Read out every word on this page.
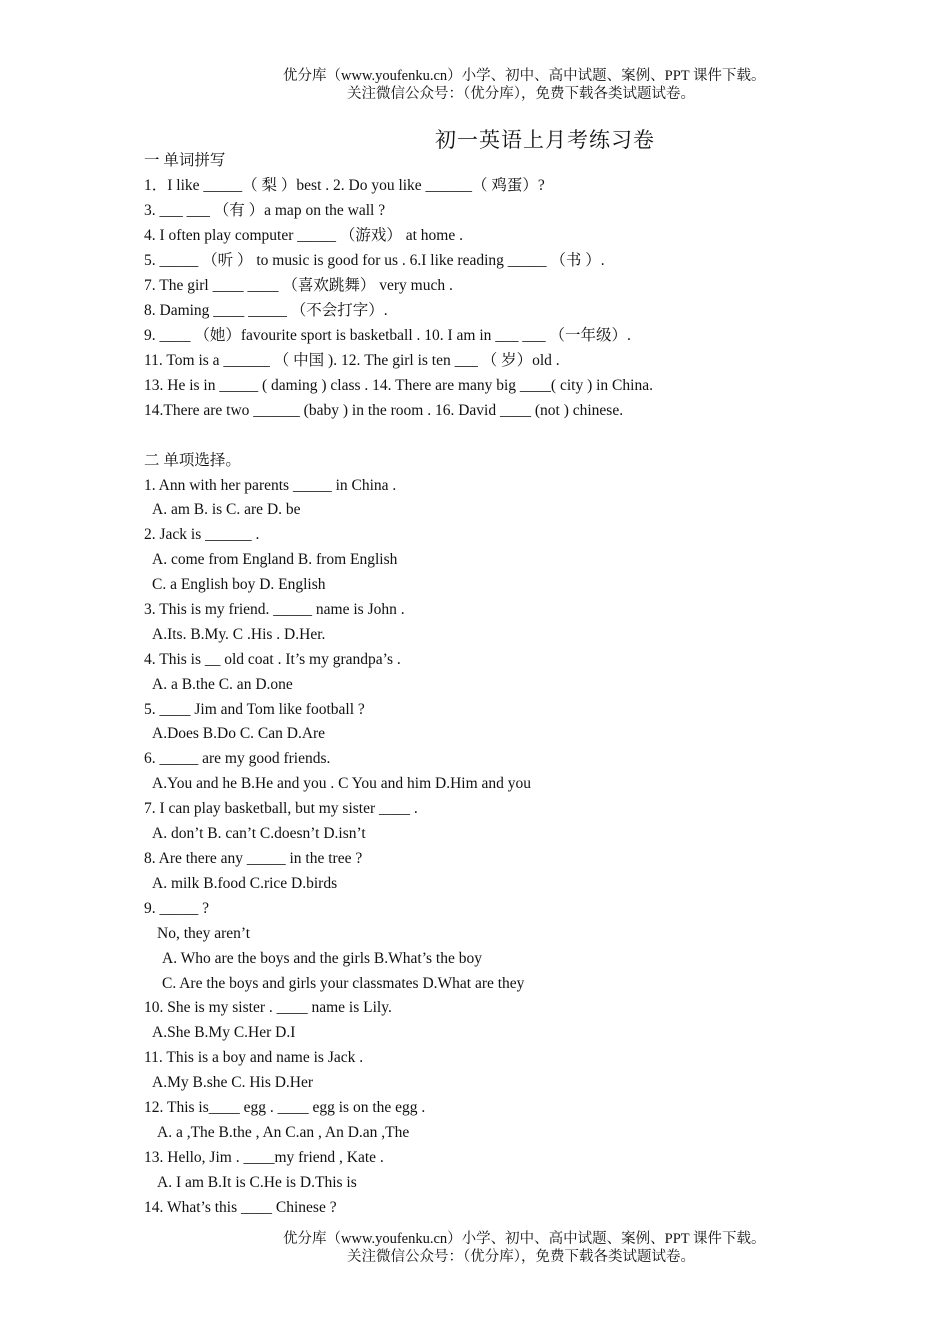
优分库（www.youfenku.cn）小学、初中、高中试题、案例、PPT 课件下载。
关注微信公众号：（优分库），免费下载各类试题试卷。
初一英语上月考练习卷
一 单词拼写
1．I like _____（ 梨 ）best . 2. Do you like ______（ 鸡蛋）?
3. ___ ___ （有 ）a map on the wall ?
4. I often play computer _____ （游戏） at home .
5. _____ （听 ） to music is good for us . 6.I like reading _____ （书 ）.
7. The girl ____ ____ （喜欢跳舞） very much .
8. Daming ____ _____ （不会打字）.
9. ____ （她）favourite sport is basketball . 10. I am in ___ ___ （一年级）.
11. Tom is a ______ （ 中国 ). 12. The girl is ten ___ （ 岁）old .
13. He is in _____ ( daming ) class . 14. There are many big ____( city ) in China.
14.There are two ______ (baby ) in the room . 16. David ____ (not ) chinese.
二 单项选择。
1. Ann with her parents _____ in China .
A. am B. is C. are D. be
2. Jack is ______ .
A. come from England B. from English
C. a English boy D. English
3. This is my friend. _____ name is John .
A.Its. B.My. C .His . D.Her.
4. This is __ old coat . It’s my grandpa’s .
A. a B.the C. an D.one
5. ____ Jim and Tom like football ?
A.Does B.Do C. Can D.Are
6. _____ are my good friends.
A.You and he B.He and you . C You and him D.Him and you
7. I can play basketball, but my sister ____ .
A. don’t B. can’t C.doesn’t D.isn’t
8. Are there any _____ in the tree ?
A. milk B.food C.rice D.birds
9. _____ ?
No, they aren’t
A. Who are the boys and the girls B.What’s the boy
C. Are the boys and girls your classmates D.What are they
10. She is my sister . ____ name is Lily.
A.She B.My C.Her D.I
11. This is a boy and name is Jack .
A.My B.she C. His D.Her
12. This is____ egg . ____ egg is on the egg .
A. a ,The B.the , An C.an , An D.an ,The
13. Hello, Jim . ____my friend , Kate .
A. I am B.It is C.He is D.This is
14. What’s this ____ Chinese ?
优分库（www.youfenku.cn）小学、初中、高中试题、案例、PPT 课件下载。
关注微信公众号：（优分库），免费下载各类试题试卷。
